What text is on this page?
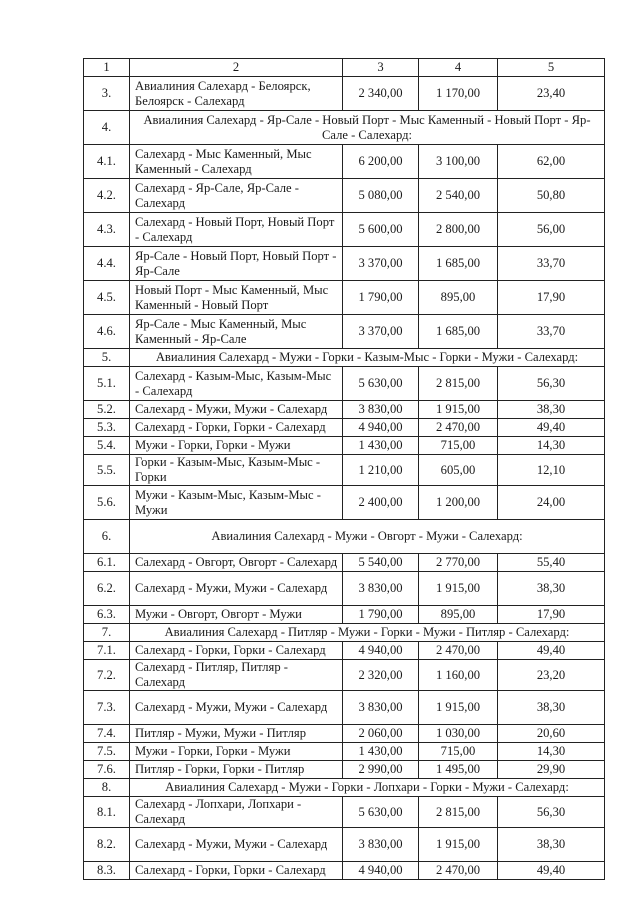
1	2	3	4	5
3.	Авиалиния Салехард - Белоярск, Белоярск - Салехард	2 340,00	1 170,00	23,40
4.	Авиалиния Салехард - Яр-Сале - Новый Порт - Мыс Каменный - Новый Порт - Яр-Сале - Салехард:			
4.1.	Салехард - Мыс Каменный, Мыс Каменный - Салехард	6 200,00	3 100,00	62,00
4.2.	Салехард - Яр-Сале, Яр-Сале - Салехард	5 080,00	2 540,00	50,80
4.3.	Салехард - Новый Порт, Новый Порт - Салехард	5 600,00	2 800,00	56,00
4.4.	Яр-Сале - Новый Порт, Новый Порт - Яр-Сале	3 370,00	1 685,00	33,70
4.5.	Новый Порт - Мыс Каменный, Мыс Каменный - Новый Порт	1 790,00	895,00	17,90
4.6.	Яр-Сале - Мыс Каменный, Мыс Каменный - Яр-Сале	3 370,00	1 685,00	33,70
5.	Авиалиния Салехард - Мужи - Горки - Казым-Мыс - Горки - Мужи - Салехард:			
5.1.	Салехард - Казым-Мыс, Казым-Мыс - Салехард	5 630,00	2 815,00	56,30
5.2.	Салехард - Мужи, Мужи - Салехард	3 830,00	1 915,00	38,30
5.3.	Салехард - Горки, Горки - Салехард	4 940,00	2 470,00	49,40
5.4.	Мужи - Горки, Горки - Мужи	1 430,00	715,00	14,30
5.5.	Горки - Казым-Мыс, Казым-Мыс - Горки	1 210,00	605,00	12,10
5.6.	Мужи - Казым-Мыс, Казым-Мыс - Мужи	2 400,00	1 200,00	24,00
6.	Авиалиния Салехард - Мужи - Овгорт - Мужи - Салехард:			
6.1.	Салехард - Овгорт, Овгорт - Салехард	5 540,00	2 770,00	55,40
6.2.	Салехард - Мужи, Мужи - Салехард	3 830,00	1 915,00	38,30
6.3.	Мужи - Овгорт, Овгорт - Мужи	1 790,00	895,00	17,90
7.	Авиалиния Салехард - Питляр - Мужи - Горки - Мужи - Питляр - Салехард:			
7.1.	Салехард - Горки, Горки - Салехард	4 940,00	2 470,00	49,40
7.2.	Салехард - Питляр, Питляр - Салехард	2 320,00	1 160,00	23,20
7.3.	Салехард - Мужи, Мужи - Салехард	3 830,00	1 915,00	38,30
7.4.	Питляр - Мужи, Мужи - Питляр	2 060,00	1 030,00	20,60
7.5.	Мужи - Горки, Горки - Мужи	1 430,00	715,00	14,30
7.6.	Питляр - Горки, Горки - Питляр	2 990,00	1 495,00	29,90
8.	Авиалиния Салехард - Мужи - Горки - Лопхари - Горки - Мужи - Салехард:			
8.1.	Салехард - Лопхари, Лопхари - Салехард	5 630,00	2 815,00	56,30
8.2.	Салехард - Мужи, Мужи - Салехард	3 830,00	1 915,00	38,30
8.3.	Салехард - Горки, Горки - Салехард	4 940,00	2 470,00	49,40
